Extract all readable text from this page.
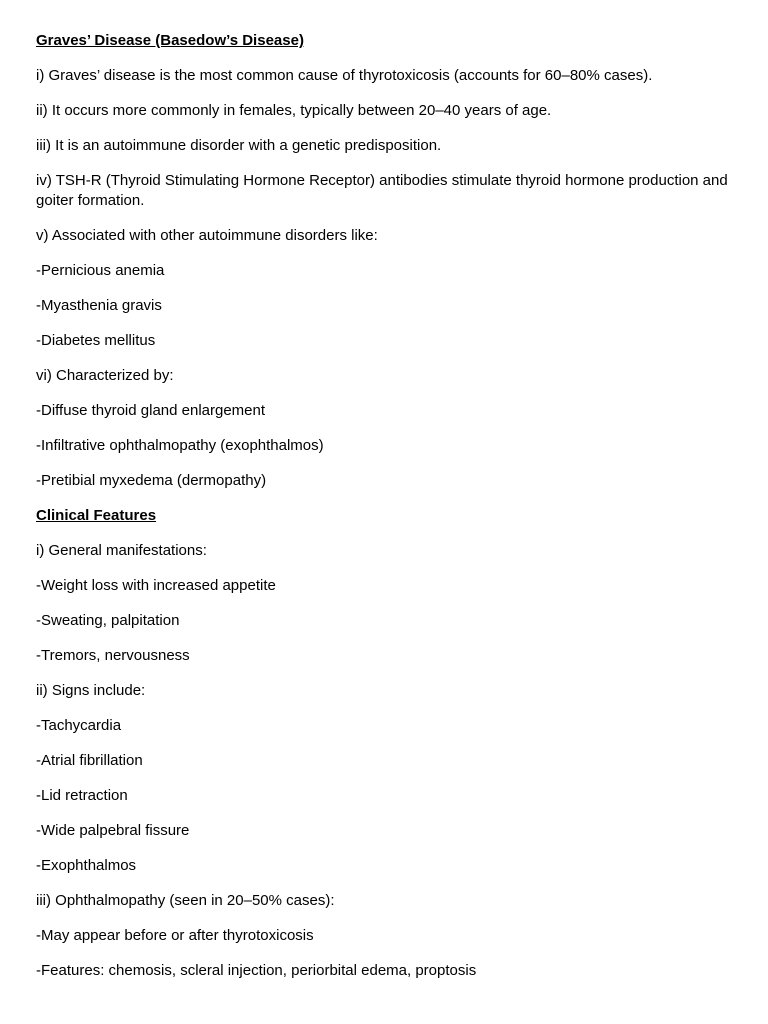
Graves’ Disease (Basedow’s Disease)
i) Graves’ disease is the most common cause of thyrotoxicosis (accounts for 60–80% cases).
ii) It occurs more commonly in females, typically between 20–40 years of age.
iii) It is an autoimmune disorder with a genetic predisposition.
iv) TSH-R (Thyroid Stimulating Hormone Receptor) antibodies stimulate thyroid hormone production and goiter formation.
v) Associated with other autoimmune disorders like:
-Pernicious anemia
-Myasthenia gravis
-Diabetes mellitus
vi) Characterized by:
-Diffuse thyroid gland enlargement
-Infiltrative ophthalmopathy (exophthalmos)
-Pretibial myxedema (dermopathy)
Clinical Features
i) General manifestations:
-Weight loss with increased appetite
-Sweating, palpitation
-Tremors, nervousness
ii) Signs include:
-Tachycardia
-Atrial fibrillation
-Lid retraction
-Wide palpebral fissure
-Exophthalmos
iii) Ophthalmopathy (seen in 20–50% cases):
-May appear before or after thyrotoxicosis
-Features: chemosis, scleral injection, periorbital edema, proptosis
